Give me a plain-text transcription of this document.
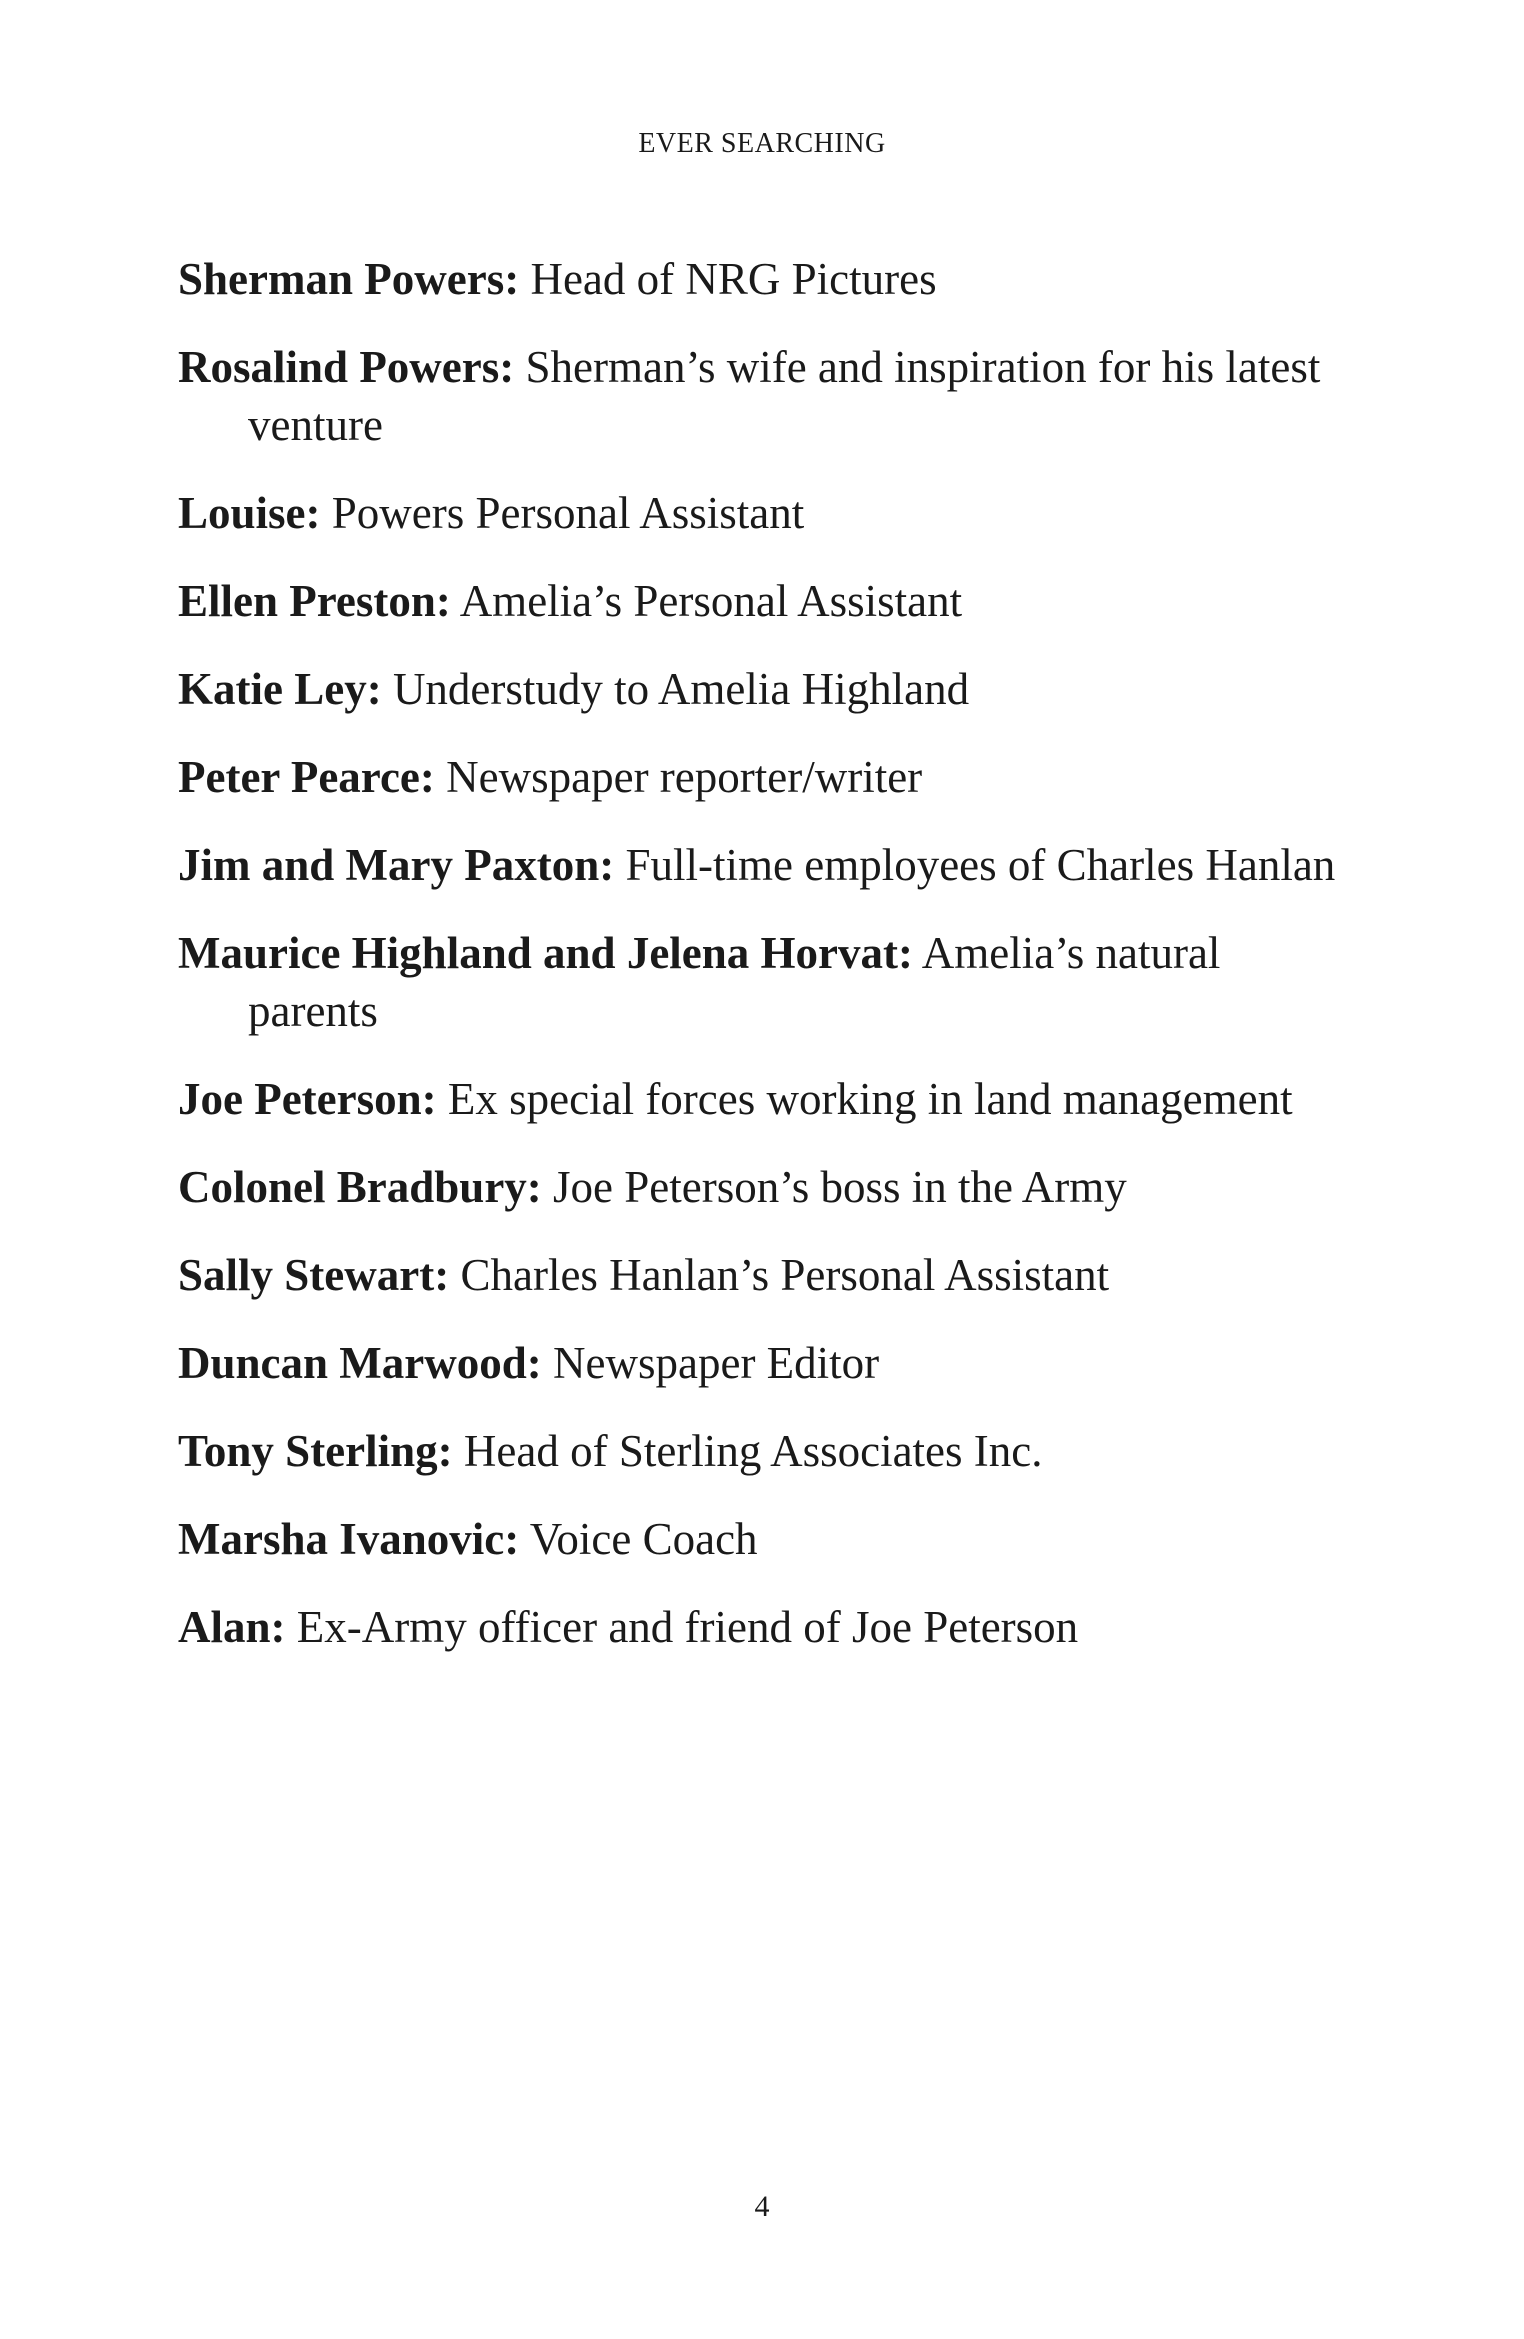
EVER SEARCHING
Sherman Powers: Head of NRG Pictures
Rosalind Powers: Sherman’s wife and inspiration for his latest venture
Louise: Powers Personal Assistant
Ellen Preston: Amelia’s Personal Assistant
Katie Ley: Understudy to Amelia Highland
Peter Pearce: Newspaper reporter/writer
Jim and Mary Paxton: Full-time employees of Charles Hanlan
Maurice Highland and Jelena Horvat: Amelia’s natural parents
Joe Peterson: Ex special forces working in land management
Colonel Bradbury: Joe Peterson’s boss in the Army
Sally Stewart: Charles Hanlan’s Personal Assistant
Duncan Marwood: Newspaper Editor
Tony Sterling: Head of Sterling Associates Inc.
Marsha Ivanovic: Voice Coach
Alan: Ex-Army officer and friend of Joe Peterson
4
